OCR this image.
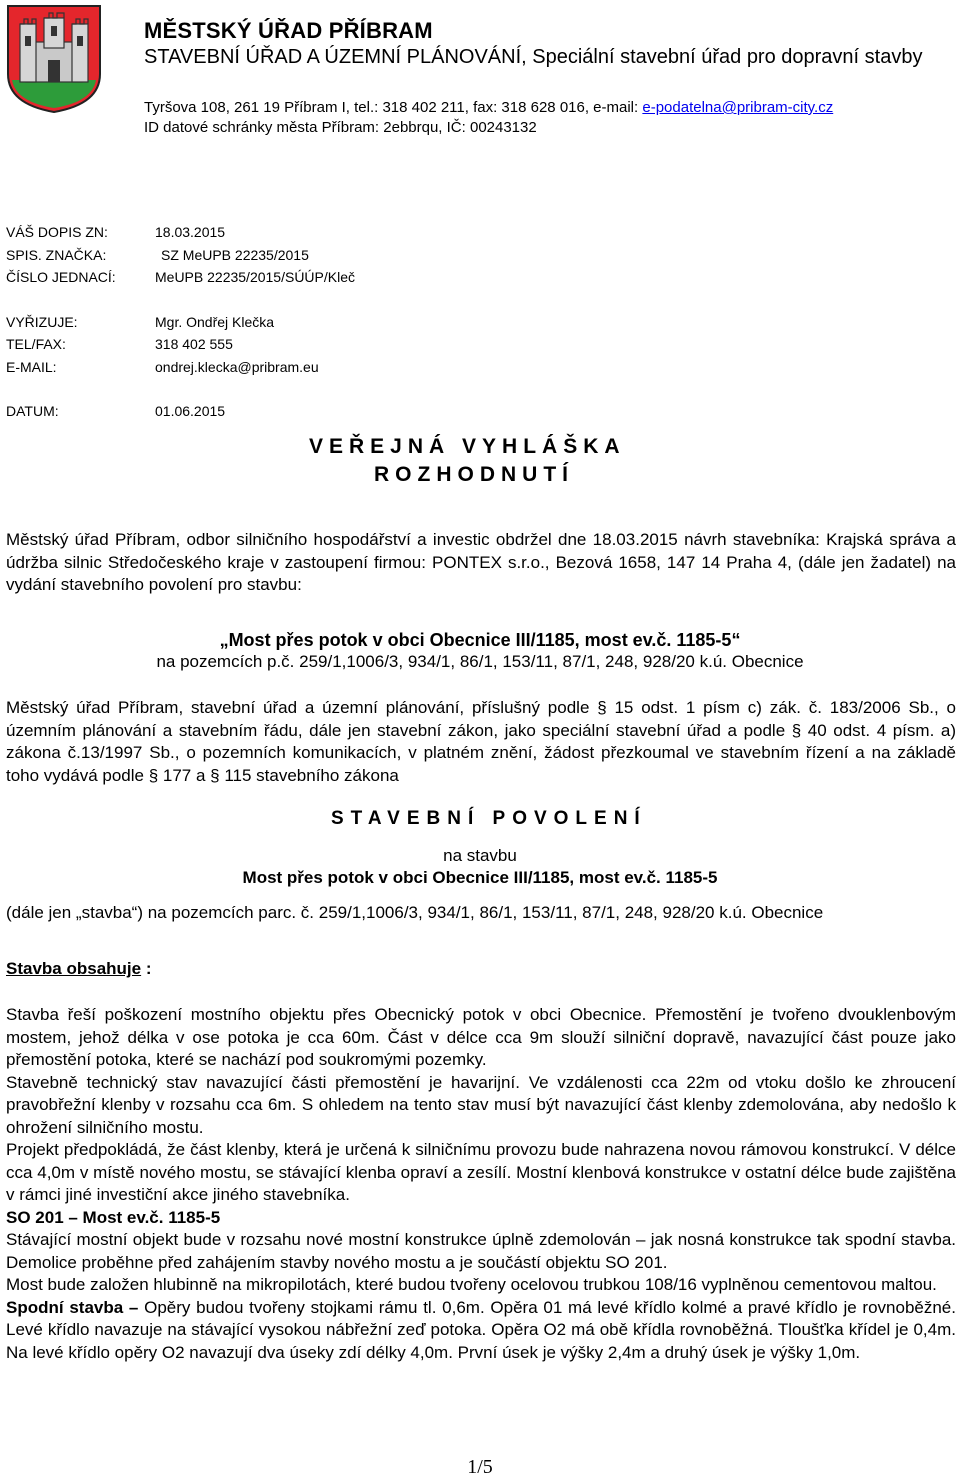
MĚSTSKÝ ÚŘAD PŘÍBRAM
STAVEBNÍ ÚŘAD A ÚZEMNÍ PLÁNOVÁNÍ, Speciální stavební úřad pro dopravní stavby
Tyršova 108, 261 19 Příbram I, tel.: 318 402 211, fax: 318 628 016, e-mail: e-podatelna@pribram-city.cz
ID datové schránky města Příbram: 2ebbrqu, IČ: 00243132
VÁŠ DOPIS ZN:	18.03.2015
SPIS. ZNAČKA:	SZ MeUPB 22235/2015
ČÍSLO JEDNACÍ:	MeUPB 22235/2015/SÚÚP/Kleč
VYŘIZUJE:	Mgr. Ondřej Klečka
TEL/FAX:	318 402 555
E-MAIL:	ondrej.klecka@pribram.eu
DATUM:	01.06.2015
VEŘEJNÁ VYHLÁŠKA
ROZHODNUTÍ
Městský úřad Příbram, odbor silničního hospodářství a investic obdržel dne 18.03.2015 návrh stavebníka: Krajská správa a údržba silnic Středočeského kraje v zastoupení firmou: PONTEX s.r.o., Bezová 1658, 147 14 Praha 4, (dále jen žadatel) na vydání stavebního povolení pro stavbu:
„Most přes potok v obci Obecnice III/1185, most ev.č. 1185-5“
na pozemcích p.č. 259/1,1006/3, 934/1, 86/1, 153/11, 87/1, 248, 928/20 k.ú. Obecnice
Městský úřad Příbram, stavební úřad a územní plánování, příslušný podle § 15 odst. 1 písm c) zák. č. 183/2006 Sb., o územním plánování a stavebním řádu, dále jen stavební zákon, jako speciální stavební úřad a podle § 40 odst. 4 písm. a) zákona č.13/1997 Sb., o pozemních komunikacích, v platném znění, žádost přezkoumal ve stavebním řízení a na základě toho vydává podle § 177 a § 115 stavebního zákona
STAVEBNÍ POVOLENÍ
na stavbu
Most přes potok v obci Obecnice III/1185, most ev.č. 1185-5
(dále jen „stavba“) na pozemcích parc. č. 259/1,1006/3, 934/1, 86/1, 153/11, 87/1, 248, 928/20 k.ú. Obecnice
Stavba obsahuje :

Stavba řeší poškození mostního objektu přes Obecnický potok v obci Obecnice. Přemostění je tvořeno dvouklenbovým mostem, jehož délka v ose potoka je cca 60m. Část v délce cca 9m slouží silniční dopravě, navazující část pouze jako přemostění potoka, které se nachází pod soukromými pozemky.

Stavebně technický stav navazující části přemostění je havarijní. Ve vzdálenosti cca 22m od vtoku došlo ke zhroucení pravobřežní klenby v rozsahu cca 6m. S ohledem na tento stav musí být navazující část klenby zdemolována, aby nedošlo k ohrožení silničního mostu.

Projekt předpokládá, že část klenby, která je určená k silničnímu provozu bude nahrazena novou rámovou konstrukcí. V délce cca 4,0m v místě nového mostu, se stávající klenba opraví a zesílí. Mostní klenbová konstrukce v ostatní délce bude zajištěna v rámci jiné investiční akce jiného stavebníka.

SO 201 – Most ev.č. 1185-5

Stávající mostní objekt bude v rozsahu nové mostní konstrukce úplně zdemolován – jak nosná konstrukce tak spodní stavba. Demolice proběhne před zahájením stavby nového mostu a je součástí objektu SO 201.

Most bude založen hlubinně na mikropilotách, které budou tvořeny ocelovou trubkou 108/16 vyplněnou cementovou maltou.

Spodní stavba – Opěry budou tvořeny stojkami rámu tl. 0,6m. Opěra 01 má levé křídlo kolmé a pravé křídlo je rovnoběžné. Levé křídlo navazuje na stávající vysokou nábřežní zeď potoka. Opěra O2 má obě křídla rovnoběžná. Tloušťka křídel je 0,4m. Na levé křídlo opěry O2 navazují dva úseky zdí délky 4,0m. První úsek je výšky 2,4m a druhý úsek je výšky 1,0m.

1/5
